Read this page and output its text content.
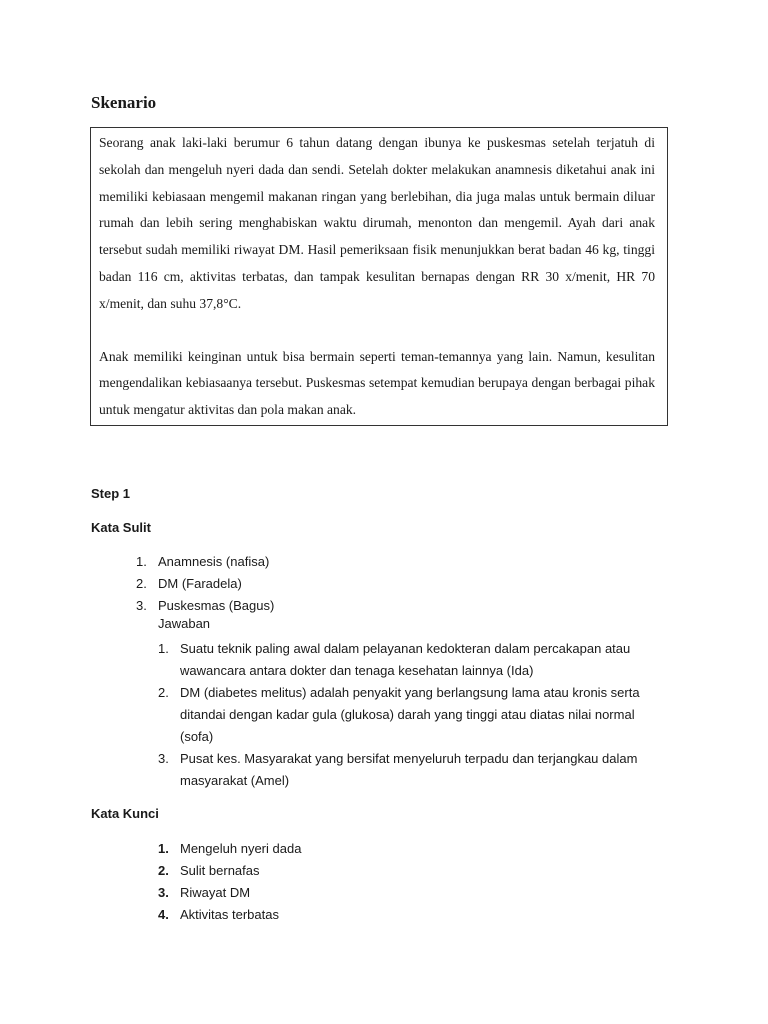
Skenario

Seorang anak laki-laki berumur 6 tahun datang dengan ibunya ke puskesmas setelah terjatuh di sekolah dan mengeluh nyeri dada dan sendi. Setelah dokter melakukan anamnesis diketahui anak ini memiliki kebiasaan mengemil makanan ringan yang berlebihan, dia juga malas untuk bermain diluar rumah dan lebih sering menghabiskan waktu dirumah, menonton dan mengemil. Ayah dari anak tersebut sudah memiliki riwayat DM. Hasil pemeriksaan fisik menunjukkan berat badan 46 kg, tinggi badan 116 cm, aktivitas terbatas, dan tampak kesulitan bernapas dengan RR 30 x/menit, HR 70 x/menit, dan suhu 37,8°C.

Anak memiliki keinginan untuk bisa bermain seperti teman-temannya yang lain. Namun, kesulitan mengendalikan kebiasaanya tersebut. Puskesmas setempat kemudian berupaya dengan berbagai pihak untuk mengatur aktivitas dan pola makan anak.

Step 1
Kata Sulit
1. Anamnesis (nafisa)
2. DM (Faradela)
3. Puskesmas (Bagus)
Jawaban
1. Suatu teknik paling awal dalam pelayanan kedokteran dalam percakapan atau wawancara antara dokter dan tenaga kesehatan lainnya (Ida)
2. DM (diabetes melitus) adalah penyakit yang berlangsung lama atau kronis serta ditandai dengan kadar gula (glukosa) darah yang tinggi atau diatas nilai normal (sofa)
3. Pusat kes. Masyarakat yang bersifat menyeluruh terpadu dan terjangkau dalam masyarakat (Amel)
Kata Kunci
1. Mengeluh nyeri dada
2. Sulit bernafas
3. Riwayat DM
4. Aktivitas terbatas
